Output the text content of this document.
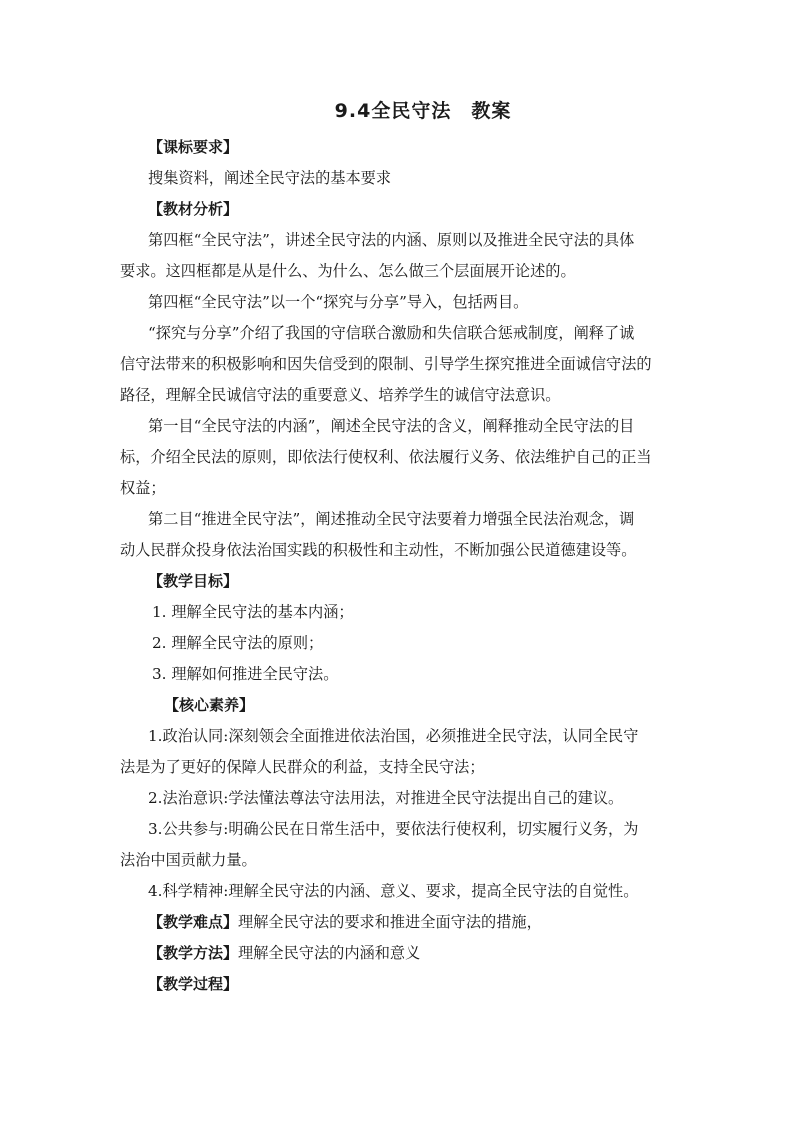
9.4全民守法　教案
【课标要求】
搜集资料，阐述全民守法的基本要求
【教材分析】
第四框“全民守法”，讲述全民守法的内涵、原则以及推进全民守法的具体
要求。这四框都是从是什么、为什么、怎么做三个层面展开论述的。
第四框“全民守法”以一个“探究与分享”导入，包括两目。
“探究与分享”介绍了我国的守信联合激励和失信联合惩戒制度，阐释了诚
信守法带来的积极影响和因失信受到的限制、引导学生探究推进全面诚信守法的
路径，理解全民诚信守法的重要意义、培养学生的诚信守法意识。
第一目“全民守法的内涵”，阐述全民守法的含义，阐释推动全民守法的目
标，介绍全民法的原则，即依法行使权利、依法履行义务、依法维护自己的正当
权益；
第二目“推进全民守法”，阐述推动全民守法要着力增强全民法治观念，调
动人民群众投身依法治国实践的积极性和主动性，不断加强公民道德建设等。
【教学目标】
1. 理解全民守法的基本内涵；
2. 理解全民守法的原则；
3. 理解如何推进全民守法。
【核心素养】
1.政治认同:深刻领会全面推进依法治国，必须推进全民守法，认同全民守
法是为了更好的保障人民群众的利益，支持全民守法；
2.法治意识:学法懂法尊法守法用法，对推进全民守法提出自己的建议。
3.公共参与:明确公民在日常生活中，要依法行使权利，切实履行义务，为
法治中国贡献力量。
4.科学精神:理解全民守法的内涵、意义、要求，提高全民守法的自觉性。
【教学难点】理解全民守法的要求和推进全面守法的措施，
【教学方法】理解全民守法的内涵和意义
【教学过程】
